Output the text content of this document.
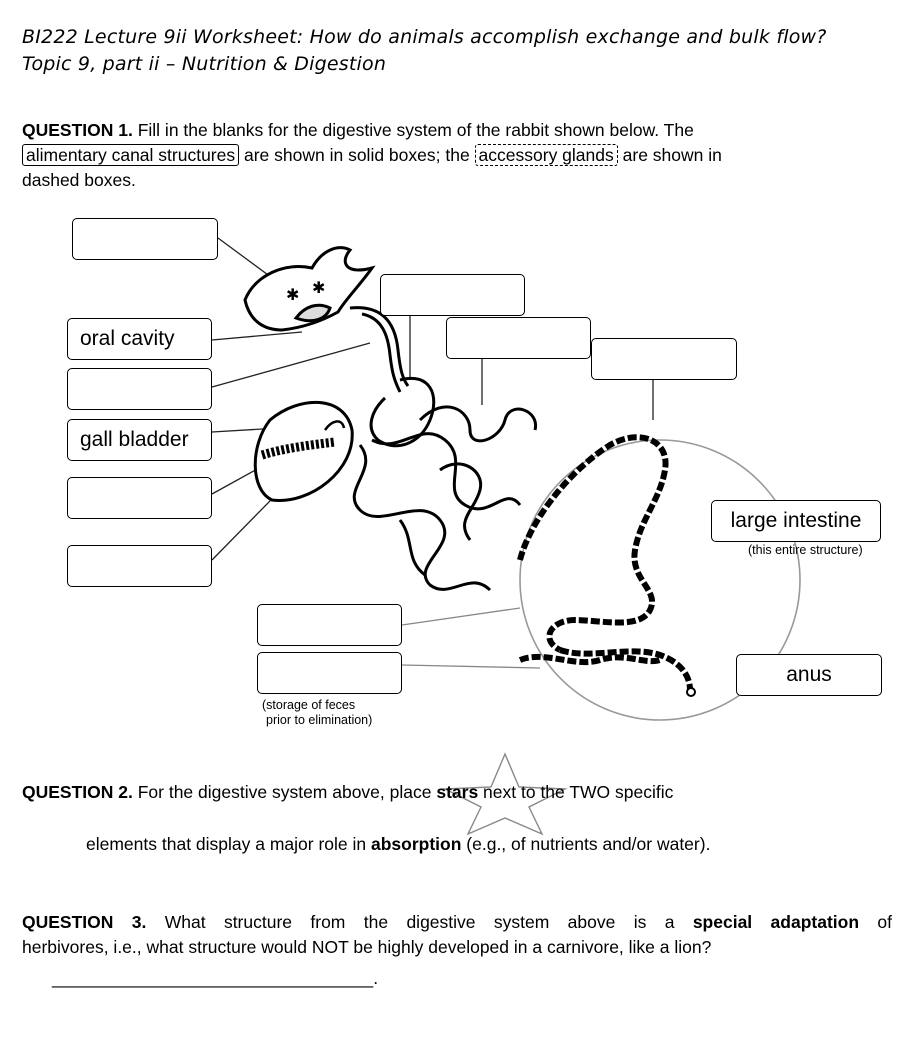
BI222 Lecture 9ii Worksheet: How do animals accomplish exchange and bulk flow?
Topic 9, part ii – Nutrition & Digestion
QUESTION 1. Fill in the blanks for the digestive system of the rabbit shown below. The
alimentary canal structures are shown in solid boxes; the accessory glands are shown in
dashed boxes.
✱ ✱
oral cavity
gall bladder
large intestine
(this entire structure)
anus
(storage of feces
prior to elimination)
QUESTION 2. For the digestive system above, place stars next to the TWO specific
elements that display a major role in absorption (e.g., of nutrients and/or water).
QUESTION 3. What structure from the digestive system above is a special adaptation of
herbivores, i.e., what structure would NOT be highly developed in a carnivore, like a lion?
_________________________________.
